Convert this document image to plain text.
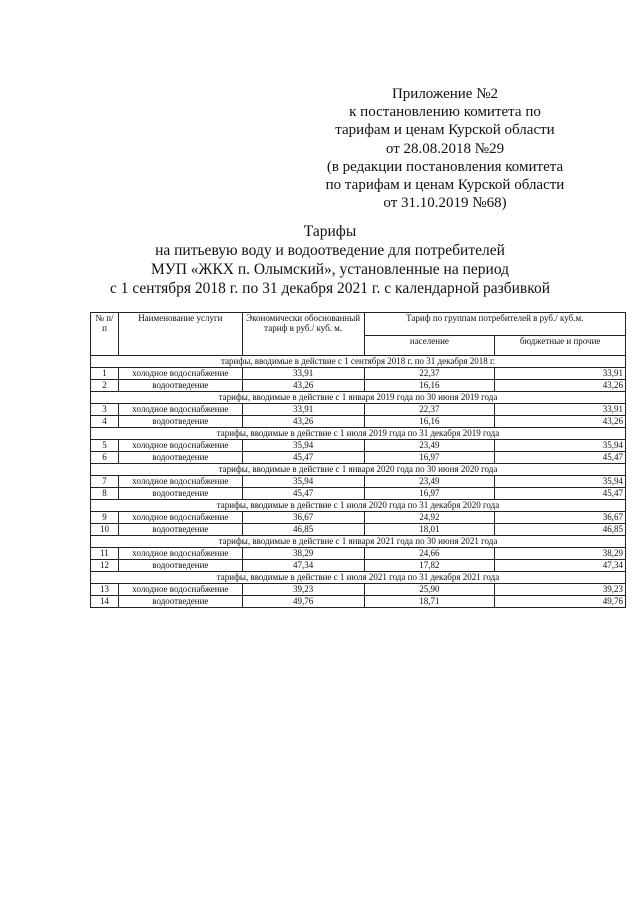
Приложение №2
к постановлению комитета по
тарифам и ценам Курской области
от 28.08.2018 №29
(в редакции постановления комитета
по тарифам и ценам Курской области
от 31.10.2019 №68)
Тарифы
на питьевую воду и водоотведение для потребителей
МУП «ЖКХ п. Олымский», установленные на период
с 1 сентября 2018 г. по 31 декабря 2021 г. с календарной разбивкой
№ п/п	Наименование услуги	Экономически обоснованный тариф в руб./ куб. м.	Тариф по группам потребителей в руб./ куб.м.	
			население	бюджетные и прочие
тарифы, вводимые в действие с 1 сентября 2018 г. по 31 декабря 2018 г.				
1	холодное водоснабжение	33,91	22,37	33,91
2	водоотведение	43,26	16,16	43,26
тарифы, вводимые в действие с 1 января 2019 года по 30 июня 2019 года				
3	холодное водоснабжение	33,91	22,37	33,91
4	водоотведение	43,26	16,16	43,26
тарифы, вводимые в действие с 1 июля 2019 года по 31 декабря 2019 года				
5	холодное водоснабжение	35,94	23,49	35,94
6	водоотведение	45,47	16,97	45,47
тарифы, вводимые в действие с 1 января 2020 года по 30 июня 2020 года				
7	холодное водоснабжение	35,94	23,49	35,94
8	водоотведение	45,47	16,97	45,47
тарифы, вводимые в действие с 1 июля 2020 года по 31 декабря 2020 года				
9	холодное водоснабжение	36,67	24,92	36,67
10	водоотведение	46,85	18,01	46,85
тарифы, вводимые в действие с 1 января 2021 года по 30 июня 2021 года				
11	холодное водоснабжение	38,29	24,66	38,29
12	водоотведение	47,34	17,82	47,34
тарифы, вводимые в действие с 1 июля 2021 года по 31 декабря 2021 года				
13	холодное водоснабжение	39,23	25,90	39,23
14	водоотведение	49,76	18,71	49,76
